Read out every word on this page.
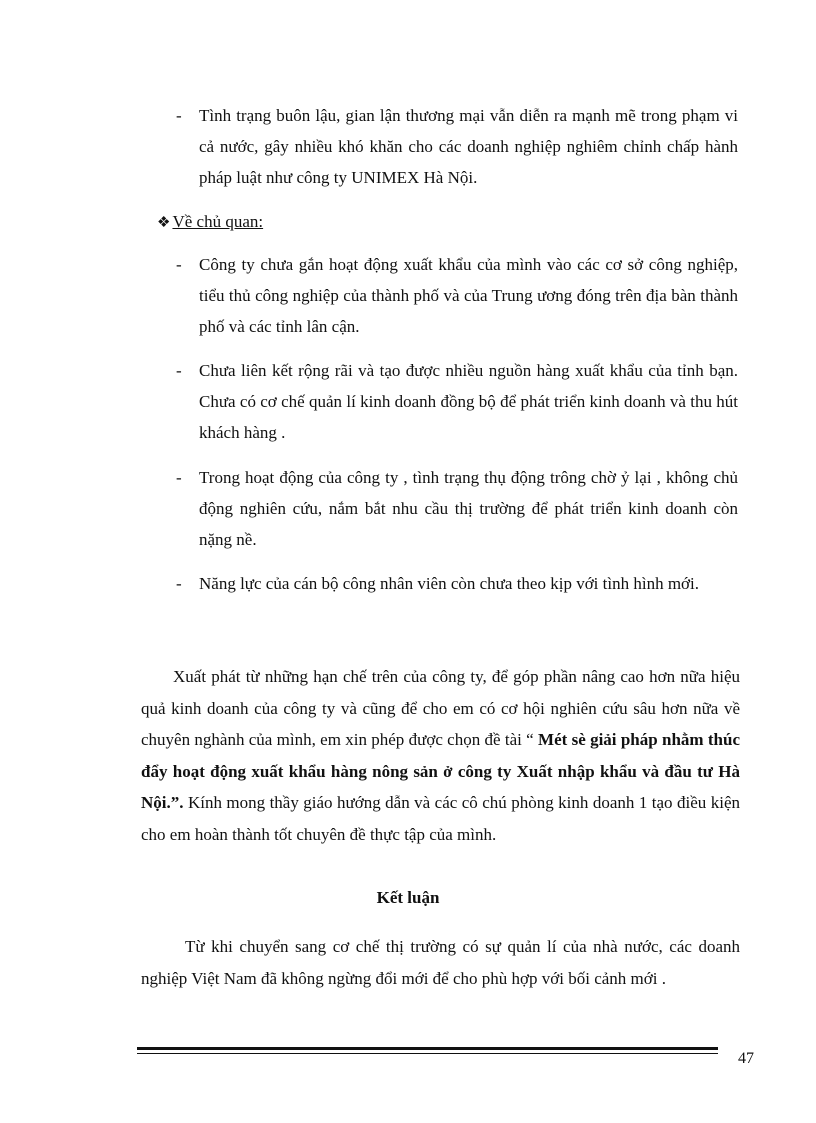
- Tình trạng buôn lậu, gian lận thương mại vẫn diễn ra mạnh mẽ trong phạm vi cả nước, gây nhiều khó khăn cho các doanh nghiệp nghiêm chỉnh chấp hành pháp luật như công ty UNIMEX Hà Nội.
❖ Về chủ quan:
- Công ty chưa gắn hoạt động xuất khẩu của mình vào các cơ sở công nghiệp, tiểu thủ công nghiệp của thành phố và của Trung ương đóng trên địa bàn thành phố và các tỉnh lân cận.
- Chưa liên kết rộng rãi và tạo được nhiều nguồn hàng xuất khẩu của tỉnh bạn. Chưa có cơ chế quản lí kinh doanh đồng bộ để phát triển kinh doanh và thu hút khách hàng .
- Trong hoạt động của công ty , tình trạng thụ động trông chờ ỷ lại , không chủ động nghiên cứu, nắm bắt nhu cầu thị trường để phát triển kinh doanh còn nặng nề.
- Năng lực của cán bộ công nhân viên còn chưa theo kịp với tình hình mới.

Xuất phát từ những hạn chế trên của công ty, để góp phần nâng cao hơn nữa hiệu quả kinh doanh của công ty và cũng để cho em có cơ hội nghiên cứu sâu hơn nữa về chuyên nghành của mình, em xin phép được chọn đề tài “ Mét sè giải pháp nhằm thúc đẩy hoạt động xuất khẩu hàng nông sản ở công ty Xuất nhập khẩu và đầu tư Hà Nội.”. Kính mong thầy giáo hướng dẫn và các cô chú phòng kinh doanh 1 tạo điều kiện cho em hoàn thành tốt chuyên đề thực tập của mình.

Kết luận

Từ khi chuyển sang cơ chế thị trường có sự quản lí của nhà nước, các doanh nghiệp Việt Nam đã không ngừng đổi mới để cho phù hợp với bối cảnh mới .

47
